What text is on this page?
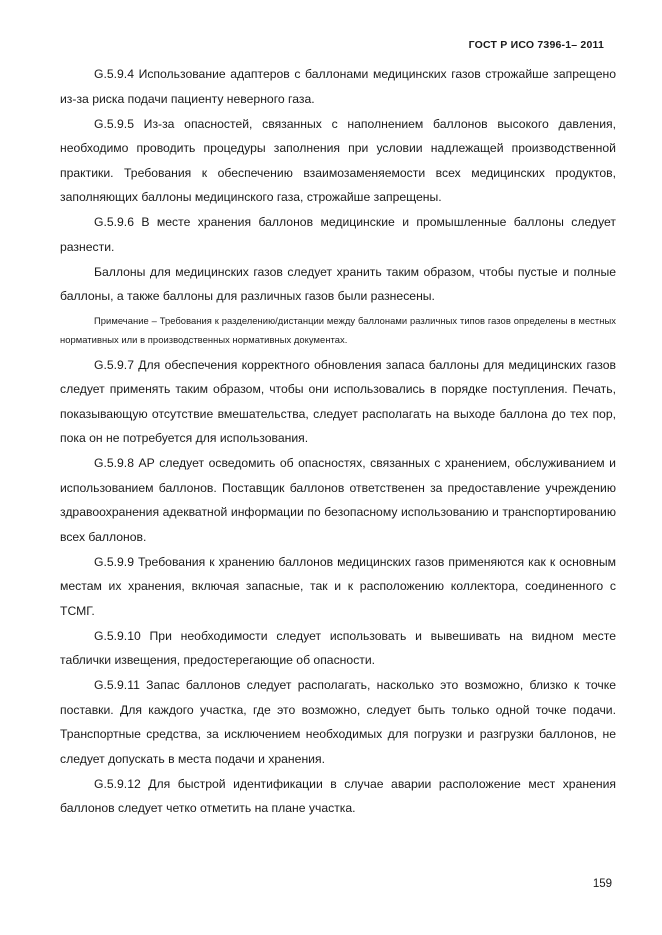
ГОСТ Р ИСО 7396-1– 2011

G.5.9.4 Использование адаптеров с баллонами медицинских газов строжайше запрещено из-за риска подачи пациенту неверного газа.

G.5.9.5 Из-за опасностей, связанных с наполнением баллонов высокого давления, необходимо проводить процедуры заполнения при условии надлежащей производственной практики. Требования к обеспечению взаимозаменяемости всех медицинских продуктов, заполняющих баллоны медицинского газа, строжайше запрещены.

G.5.9.6 В месте хранения баллонов медицинские и промышленные баллоны следует разнести.

Баллоны для медицинских газов следует хранить таким образом, чтобы пустые и полные баллоны, а также баллоны для различных газов были разнесены.

Примечание – Требования к разделению/дистанции между баллонами различных типов газов определены в местных нормативных или в производственных нормативных документах.

G.5.9.7 Для обеспечения корректного обновления запаса баллоны для медицинских газов следует применять таким образом, чтобы они использовались в порядке поступления. Печать, показывающую отсутствие вмешательства, следует располагать на выходе баллона до тех пор, пока он не потребуется для использования.

G.5.9.8 АР следует осведомить об опасностях, связанных с хранением, обслуживанием и использованием баллонов. Поставщик баллонов ответственен за предоставление учреждению здравоохранения адекватной информации по безопасному использованию и транспортированию всех баллонов.

G.5.9.9 Требования к хранению баллонов медицинских газов применяются как к основным местам их хранения, включая запасные, так и к расположению коллектора, соединенного с ТСМГ.

G.5.9.10 При необходимости следует использовать и вывешивать на видном месте таблички извещения, предостерегающие об опасности.

G.5.9.11 Запас баллонов следует располагать, насколько это возможно, близко к точке поставки. Для каждого участка, где это возможно, следует быть только одной точке подачи. Транспортные средства, за исключением необходимых для погрузки и разгрузки баллонов, не следует допускать в места подачи и хранения.

G.5.9.12 Для быстрой идентификации в случае аварии расположение мест хранения баллонов следует четко отметить на плане участка.

159
